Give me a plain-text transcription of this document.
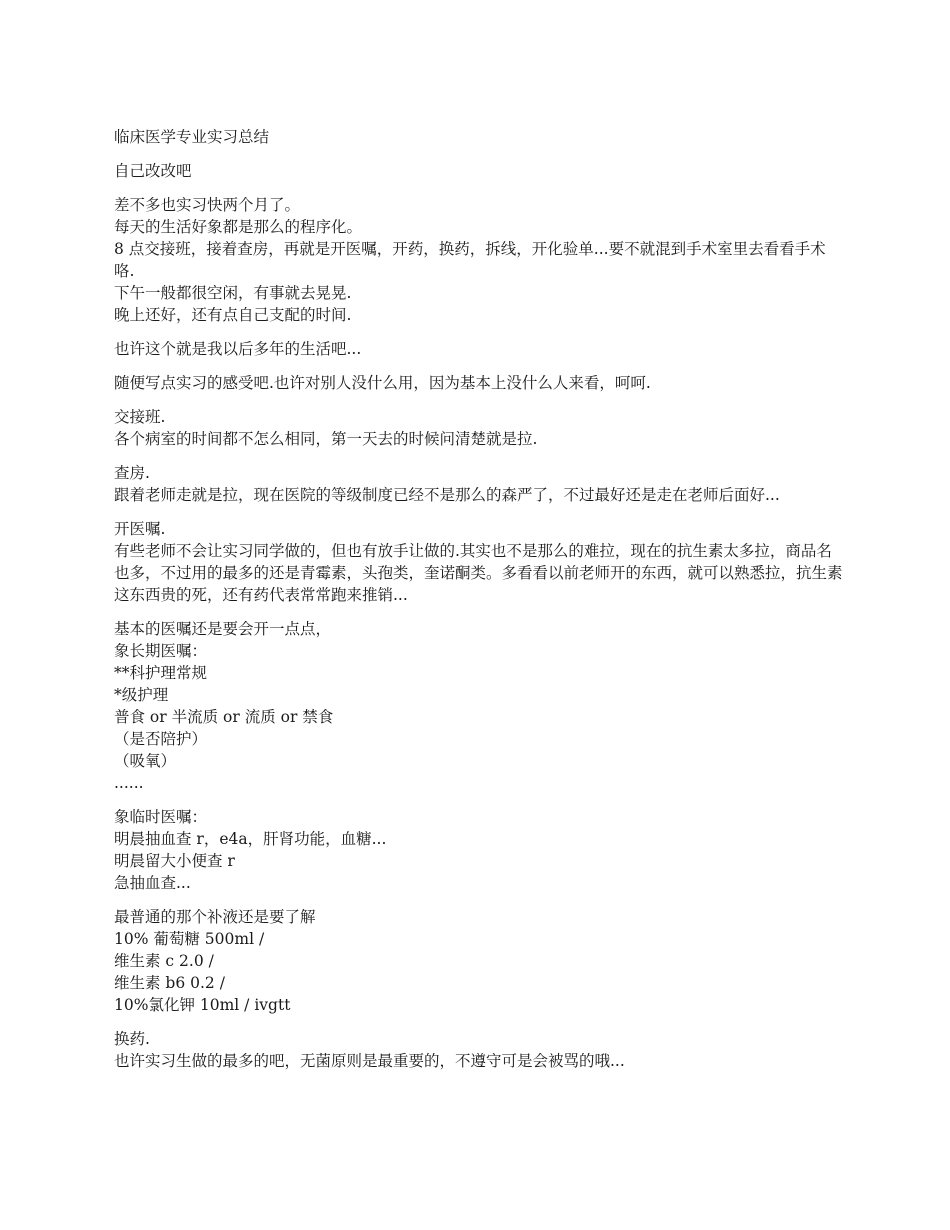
临床医学专业实习总结
自己改改吧
差不多也实习快两个月了。
每天的生活好象都是那么的程序化。
8 点交接班，接着查房，再就是开医嘱，开药，换药，拆线，开化验单...要不就混到手术室里去看看手术咯.
下午一般都很空闲，有事就去晃晃.
晚上还好，还有点自己支配的时间.
也许这个就是我以后多年的生活吧...
随便写点实习的感受吧.也许对别人没什么用，因为基本上没什么人来看，呵呵.
交接班.
各个病室的时间都不怎么相同，第一天去的时候问清楚就是拉.
查房.
跟着老师走就是拉，现在医院的等级制度已经不是那么的森严了，不过最好还是走在老师后面好...
开医嘱.
有些老师不会让实习同学做的，但也有放手让做的.其实也不是那么的难拉，现在的抗生素太多拉，商品名也多，不过用的最多的还是青霉素，头孢类，奎诺酮类。多看看以前老师开的东西，就可以熟悉拉，抗生素这东西贵的死，还有药代表常常跑来推销...
基本的医嘱还是要会开一点点，
象长期医嘱：
**科护理常规
*级护理
普食 or 半流质 or 流质 or 禁食
（是否陪护）
（吸氧）
......
象临时医嘱：
明晨抽血查 r，e4a，肝肾功能，血糖...
明晨留大小便查 r
急抽血查...
最普通的那个补液还是要了解
10% 葡萄糖 500ml /
维生素 c 2.0 /
维生素 b6 0.2 /
10%氯化钾 10ml / ivgtt
换药.
也许实习生做的最多的吧，无菌原则是最重要的，不遵守可是会被骂的哦...
